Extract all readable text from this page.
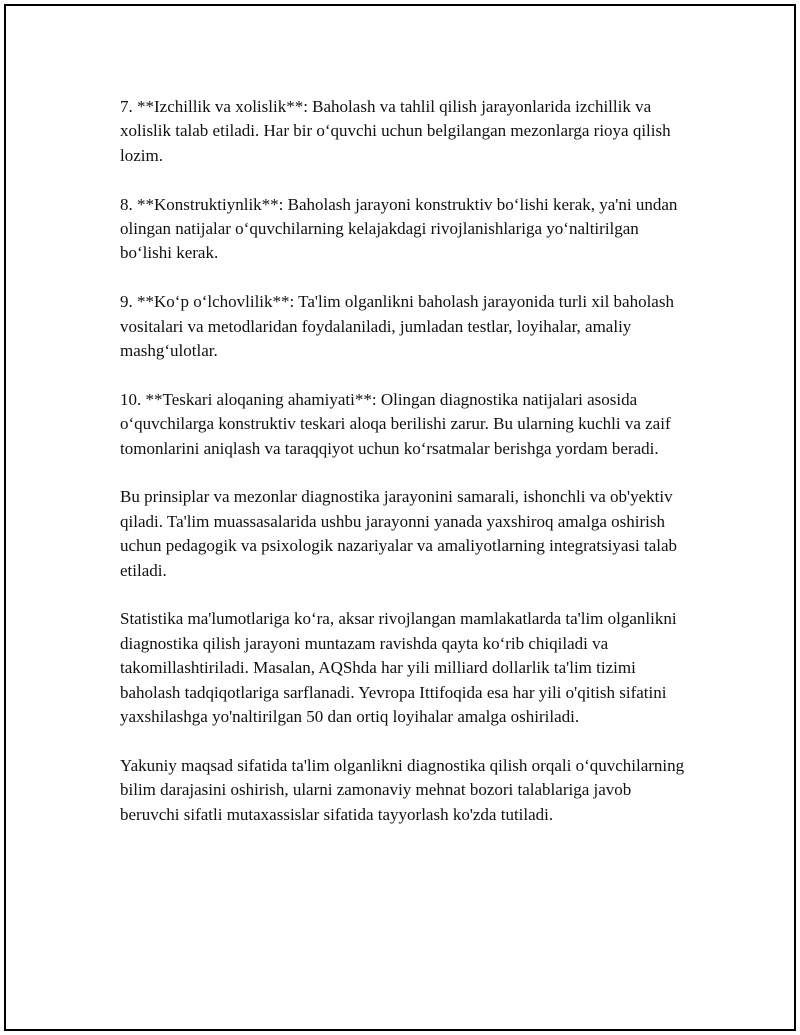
7. **Izchillik va xolislik**: Baholash va tahlil qilish jarayonlarida izchillik va xolislik talab etiladi. Har bir o‘quvchi uchun belgilangan mezonlarga rioya qilish lozim.

8. **Konstruktiynlik**: Baholash jarayoni konstruktiv bo‘lishi kerak, ya'ni undan olingan natijalar o‘quvchilarning kelajakdagi rivojlanishlariga yo‘naltirilgan bo‘lishi kerak.

9. **Ko‘p o‘lchovlilik**: Ta'lim olganlikni baholash jarayonida turli xil baholash vositalari va metodlaridan foydalaniladi, jumladan testlar, loyihalar, amaliy mashg‘ulotlar.

10. **Teskari aloqaning ahamiyati**: Olingan diagnostika natijalari asosida o‘quvchilarga konstruktiv teskari aloqa berilishi zarur. Bu ularning kuchli va zaif tomonlarini aniqlash va taraqqiyot uchun ko‘rsatmalar berishga yordam beradi.

Bu prinsiplar va mezonlar diagnostika jarayonini samarali, ishonchli va ob'yektiv qiladi. Ta'lim muassasalarida ushbu jarayonni yanada yaxshiroq amalga oshirish uchun pedagogik va psixologik nazariyalar va amaliyotlarning integratsiyasi talab etiladi.

Statistika ma'lumotlariga ko‘ra, aksar rivojlangan mamlakatlarda ta'lim olganlikni diagnostika qilish jarayoni muntazam ravishda qayta ko‘rib chiqiladi va takomillashtiriladi. Masalan, AQShda har yili milliard dollarlik ta'lim tizimi baholash tadqiqotlariga sarflanadi. Yevropa Ittifoqida esa har yili o'qitish sifatini yaxshilashga yo'naltirilgan 50 dan ortiq loyihalar amalga oshiriladi.

Yakuniy maqsad sifatida ta'lim olganlikni diagnostika qilish orqali o‘quvchilarning bilim darajasini oshirish, ularni zamonaviy mehnat bozori talablariga javob beruvchi sifatli mutaxassislar sifatida tayyorlash ko'zda tutiladi.
